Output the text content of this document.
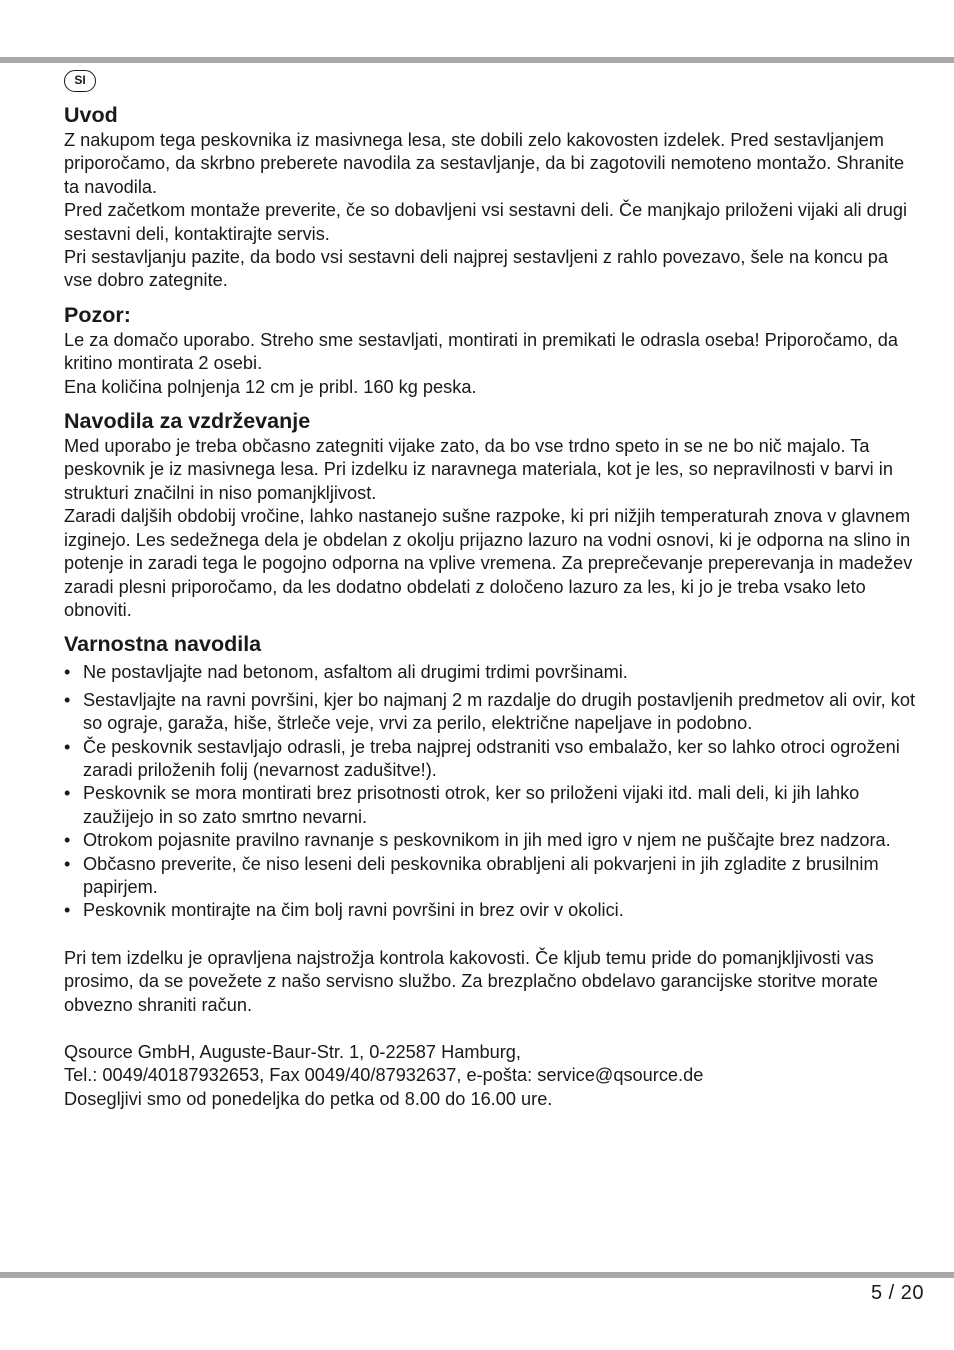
SI
Uvod

Z nakupom tega peskovnika iz masivnega lesa, ste dobili zelo kakovosten izdelek. Pred sestavljanjem priporočamo, da skrbno preberete navodila za sestavljanje, da bi zagotovili nemoteno montažo. Shranite ta navodila.

Pred začetkom montaže preverite, če so dobavljeni vsi sestavni deli. Če manjkajo priloženi vijaki ali drugi sestavni deli, kontaktirajte servis.

Pri sestavljanju pazite, da bodo vsi sestavni deli najprej sestavljeni z rahlo povezavo, šele na koncu pa vse dobro zategnite.

Pozor:

Le za domačo uporabo. Streho sme sestavljati, montirati in premikati le odrasla oseba! Priporočamo, da kritino montirata 2 osebi.

Ena količina polnjenja 12 cm je pribl. 160 kg peska.

Navodila za vzdrževanje

Med uporabo je treba občasno zategniti vijake zato, da bo vse trdno speto in se ne bo nič majalo. Ta peskovnik je iz masivnega lesa. Pri izdelku iz naravnega materiala, kot je les, so nepravilnosti v barvi in strukturi značilni in niso pomanjkljivost.

Zaradi daljših obdobij vročine, lahko nastanejo sušne razpoke, ki pri nižjih temperaturah znova v glavnem izginejo. Les sedežnega dela je obdelan z okolju prijazno lazuro na vodni osnovi, ki je odporna na slino in potenje in zaradi tega le pogojno odporna na vplive vremena. Za preprečevanje preperevanja in madežev zaradi plesni priporočamo, da les dodatno obdelati z določeno lazuro za les, ki jo je treba vsako leto obnoviti.

Varnostna navodila
• Ne postavljajte nad betonom, asfaltom ali drugimi trdimi površinami.
• Sestavljajte na ravni površini, kjer bo najmanj 2 m razdalje do drugih postavljenih predmetov ali ovir, kot so ograje, garaža, hiše, štrleče veje, vrvi za perilo, električne napeljave in podobno.
• Če peskovnik sestavljajo odrasli, je treba najprej odstraniti vso embalažo, ker so lahko otroci ogroženi zaradi priloženih folij (nevarnost zadušitve!).
• Peskovnik se mora montirati brez prisotnosti otrok, ker so priloženi vijaki itd. mali deli, ki jih lahko zaužijejo in so zato smrtno nevarni.
• Otrokom pojasnite pravilno ravnanje s peskovnikom in jih med igro v njem ne puščajte brez nadzora.
• Občasno preverite, če niso leseni deli peskovnika obrabljeni ali pokvarjeni in jih zgladite z brusilnim papirjem.
• Peskovnik montirajte na čim bolj ravni površini in brez ovir v okolici.

Pri tem izdelku je opravljena najstrožja kontrola kakovosti. Če kljub temu pride do pomanjkljivosti vas prosimo, da se povežete z našo servisno službo. Za brezplačno obdelavo garancijske storitve morate obvezno shraniti račun.

Qsource GmbH, Auguste-Baur-Str. 1, 0-22587 Hamburg,

Tel.: 0049/40187932653, Fax 0049/40/87932637, e-pošta: service@qsource.de

Dosegljivi smo od ponedeljka do petka od 8.00 do 16.00 ure.

5 / 20
